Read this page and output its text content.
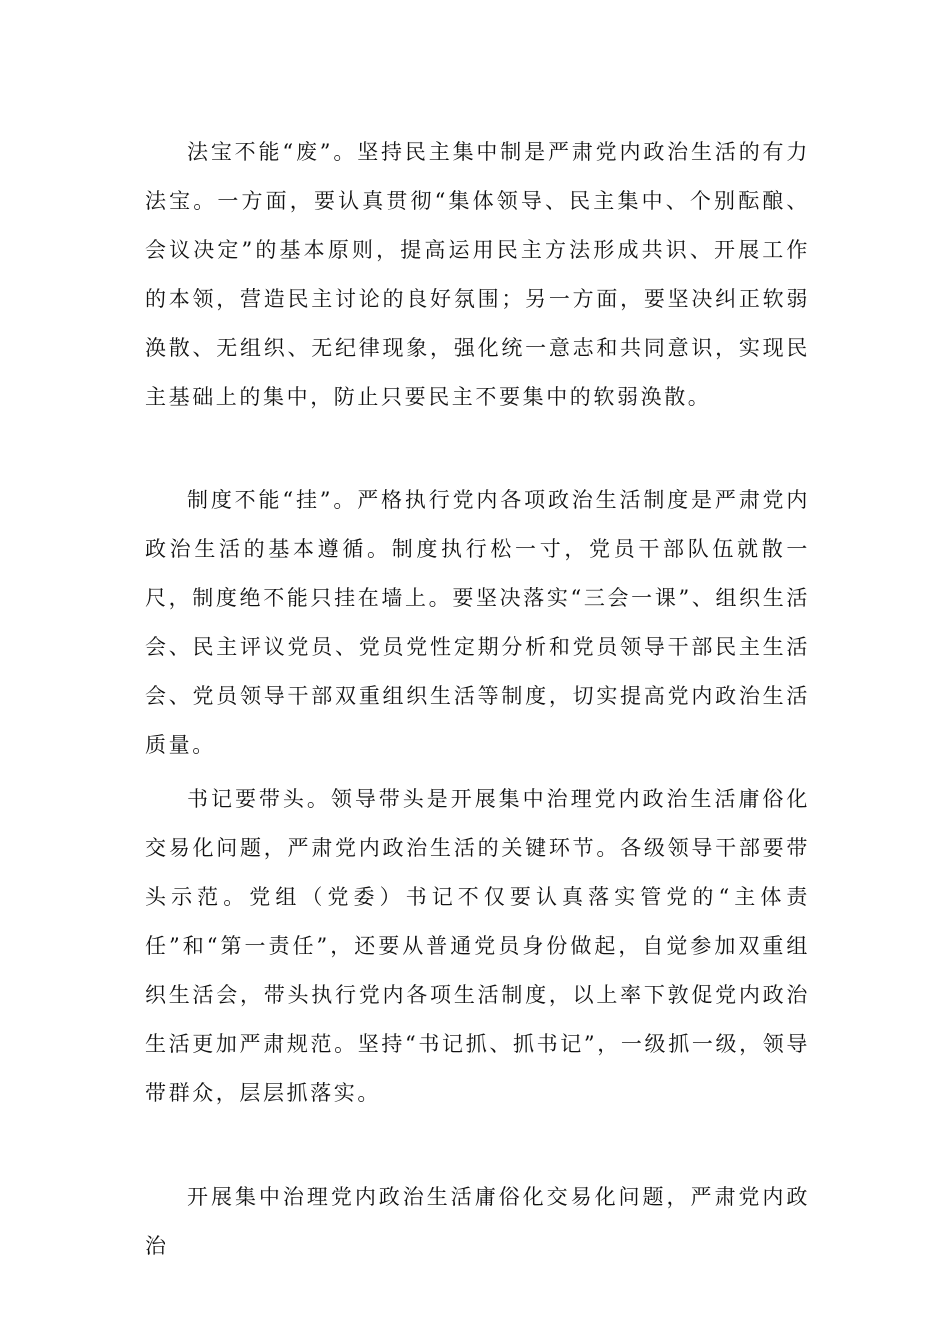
法宝不能“废”。坚持民主集中制是严肃党内政治生活的有力法宝。一方面，要认真贯彻“集体领导、民主集中、个别酝酿、会议决定”的基本原则，提高运用民主方法形成共识、开展工作的本领，营造民主讨论的良好氛围；另一方面，要坚决纠正软弱涣散、无组织、无纪律现象，强化统一意志和共同意识，实现民主基础上的集中，防止只要民主不要集中的软弱涣散。

制度不能“挂”。严格执行党内各项政治生活制度是严肃党内政治生活的基本遵循。制度执行松一寸，党员干部队伍就散一尺，制度绝不能只挂在墙上。要坚决落实“三会一课”、组织生活会、民主评议党员、党员党性定期分析和党员领导干部民主生活会、党员领导干部双重组织生活等制度，切实提高党内政治生活质量。

书记要带头。领导带头是开展集中治理党内政治生活庸俗化交易化问题，严肃党内政治生活的关键环节。各级领导干部要带头示范。党组（党委）书记不仅要认真落实管党的“主体责任”和“第一责任”，还要从普通党员身份做起，自觉参加双重组织生活会，带头执行党内各项生活制度，以上率下敦促党内政治生活更加严肃规范。坚持“书记抓、抓书记”，一级抓一级，领导带群众，层层抓落实。

开展集中治理党内政治生活庸俗化交易化问题，严肃党内政治
